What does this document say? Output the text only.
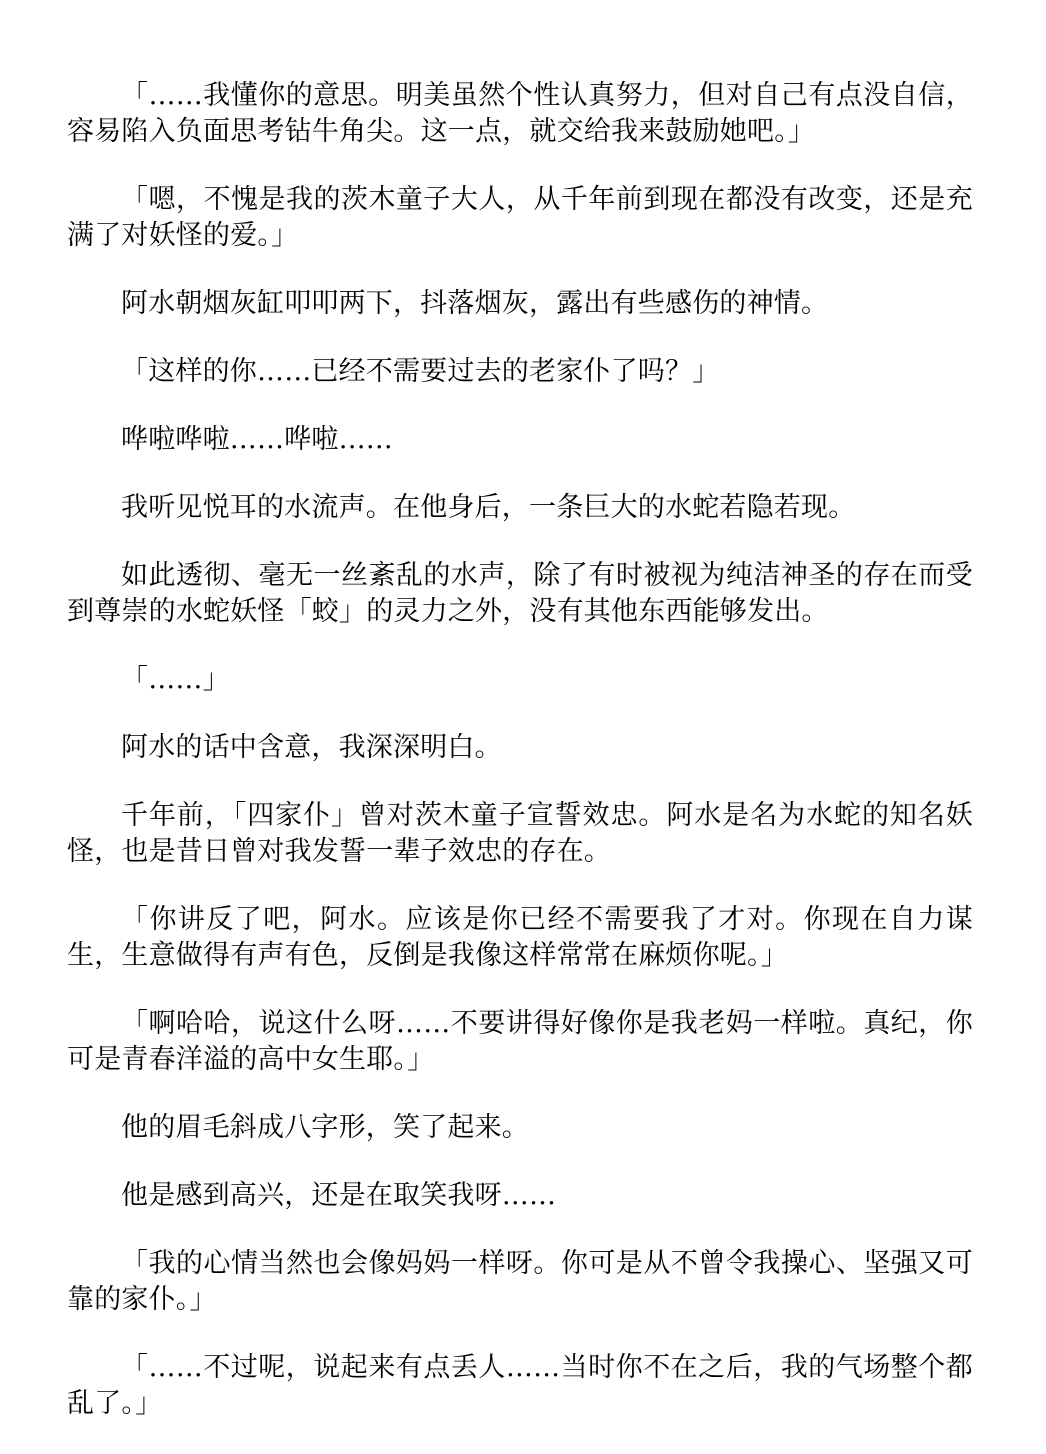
「……我懂你的意思。明美虽然个性认真努力，但对自己有点没自信，容易陷入负面思考钻牛角尖。这一点，就交给我来鼓励她吧。」

「嗯，不愧是我的茨木童子大人，从千年前到现在都没有改变，还是充满了对妖怪的爱。」

阿水朝烟灰缸叩叩两下，抖落烟灰，露出有些感伤的神情。

「这样的你……已经不需要过去的老家仆了吗？」

哗啦哗啦……哗啦……

我听见悦耳的水流声。在他身后，一条巨大的水蛇若隐若现。

如此透彻、毫无一丝紊乱的水声，除了有时被视为纯洁神圣的存在而受到尊崇的水蛇妖怪「蛟」的灵力之外，没有其他东西能够发出。

「……」

阿水的话中含意，我深深明白。

千年前，「四家仆」曾对茨木童子宣誓效忠。阿水是名为水蛇的知名妖怪，也是昔日曾对我发誓一辈子效忠的存在。

「你讲反了吧，阿水。应该是你已经不需要我了才对。你现在自力谋生，生意做得有声有色，反倒是我像这样常常在麻烦你呢。」

「啊哈哈，说这什么呀……不要讲得好像你是我老妈一样啦。真纪，你可是青春洋溢的高中女生耶。」

他的眉毛斜成八字形，笑了起来。

他是感到高兴，还是在取笑我呀……

「我的心情当然也会像妈妈一样呀。你可是从不曾令我操心、坚强又可靠的家仆。」

「……不过呢，说起来有点丢人……当时你不在之后，我的气场整个都乱了。」
